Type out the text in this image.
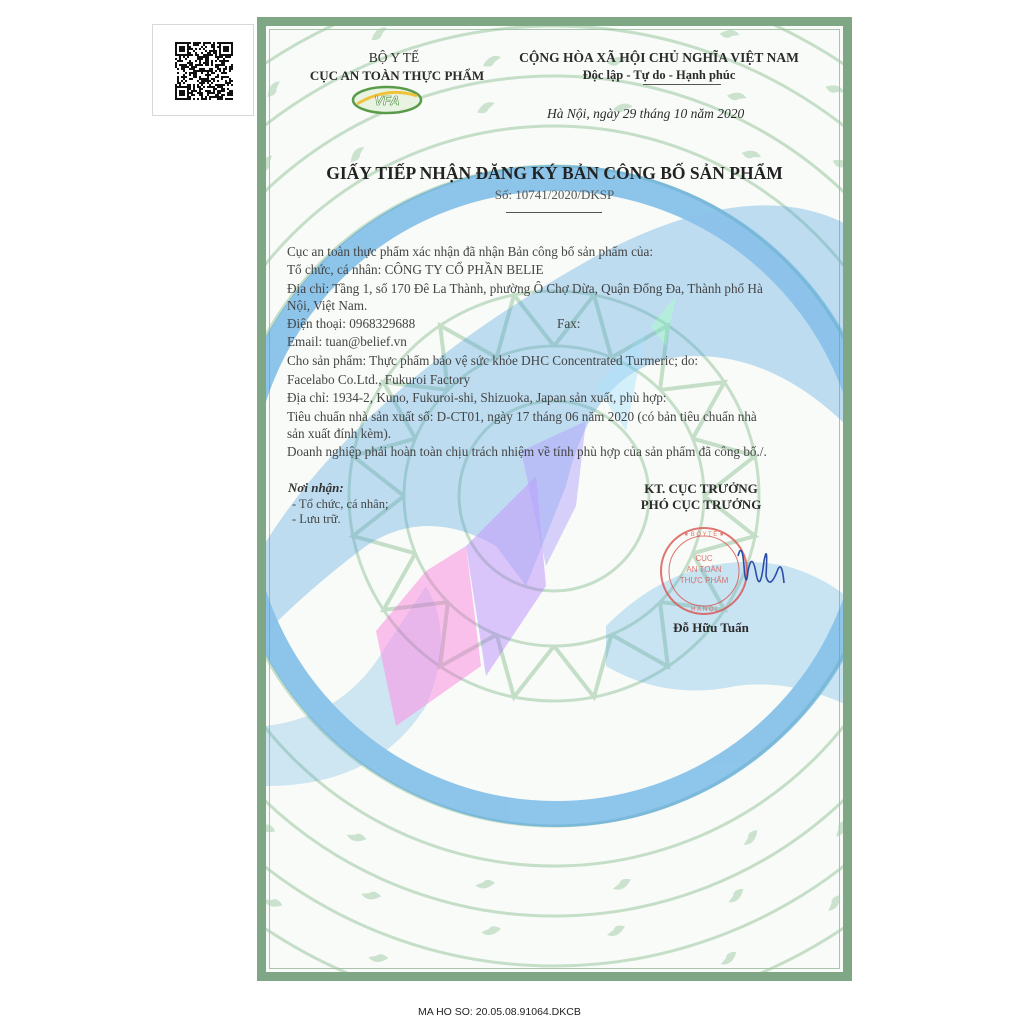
BỘ Y TẾ
CỤC AN TOÀN THỰC PHẨM
VFA
CỘNG HÒA XÃ HỘI CHỦ NGHĨA VIỆT NAM
Độc lập - Tự do - Hạnh phúc
Hà Nội, ngày 29 tháng 10 năm 2020
GIẤY TIẾP NHẬN ĐĂNG KÝ BẢN CÔNG BỐ SẢN PHẨM
Số: 10741/2020/DKSP
Cục an toàn thực phẩm xác nhận đã nhận Bản công bố sản phẩm của:
Tổ chức, cá nhân: CÔNG TY CỔ PHẦN BELIE
Địa chỉ: Tầng 1, số 170 Đê La Thành, phường Ô Chợ Dừa, Quận Đống Đa, Thành phố Hà
Nội, Việt Nam.
Điện thoại: 0968329688	Fax:
Email: tuan@belief.vn
Cho sản phẩm: Thực phẩm bảo vệ sức khỏe DHC Concentrated Turmeric; do:
Facelabo Co.Ltd., Fukuroi Factory
Địa chỉ: 1934-2, Kuno, Fukuroi-shi, Shizuoka, Japan sản xuất, phù hợp:
Tiêu chuẩn nhà sản xuất số: D-CT01, ngày 17 tháng 06 năm 2020 (có bản tiêu chuẩn nhà
sản xuất đính kèm).
Doanh nghiệp phải hoàn toàn chịu trách nhiệm về tính phù hợp của sản phẩm đã công bố./.
Nơi nhận:
- Tổ chức, cá nhân;
- Lưu trữ.
KT. CỤC TRƯỞNG
PHÓ CỤC TRƯỞNG
CỤC
AN TOÀN
THỰC PHẨM
★ B Ộ Y T Ế ★
H À N Ộ I
Đỗ Hữu Tuấn
MA HO SO: 20.05.08.91064.DKCB
